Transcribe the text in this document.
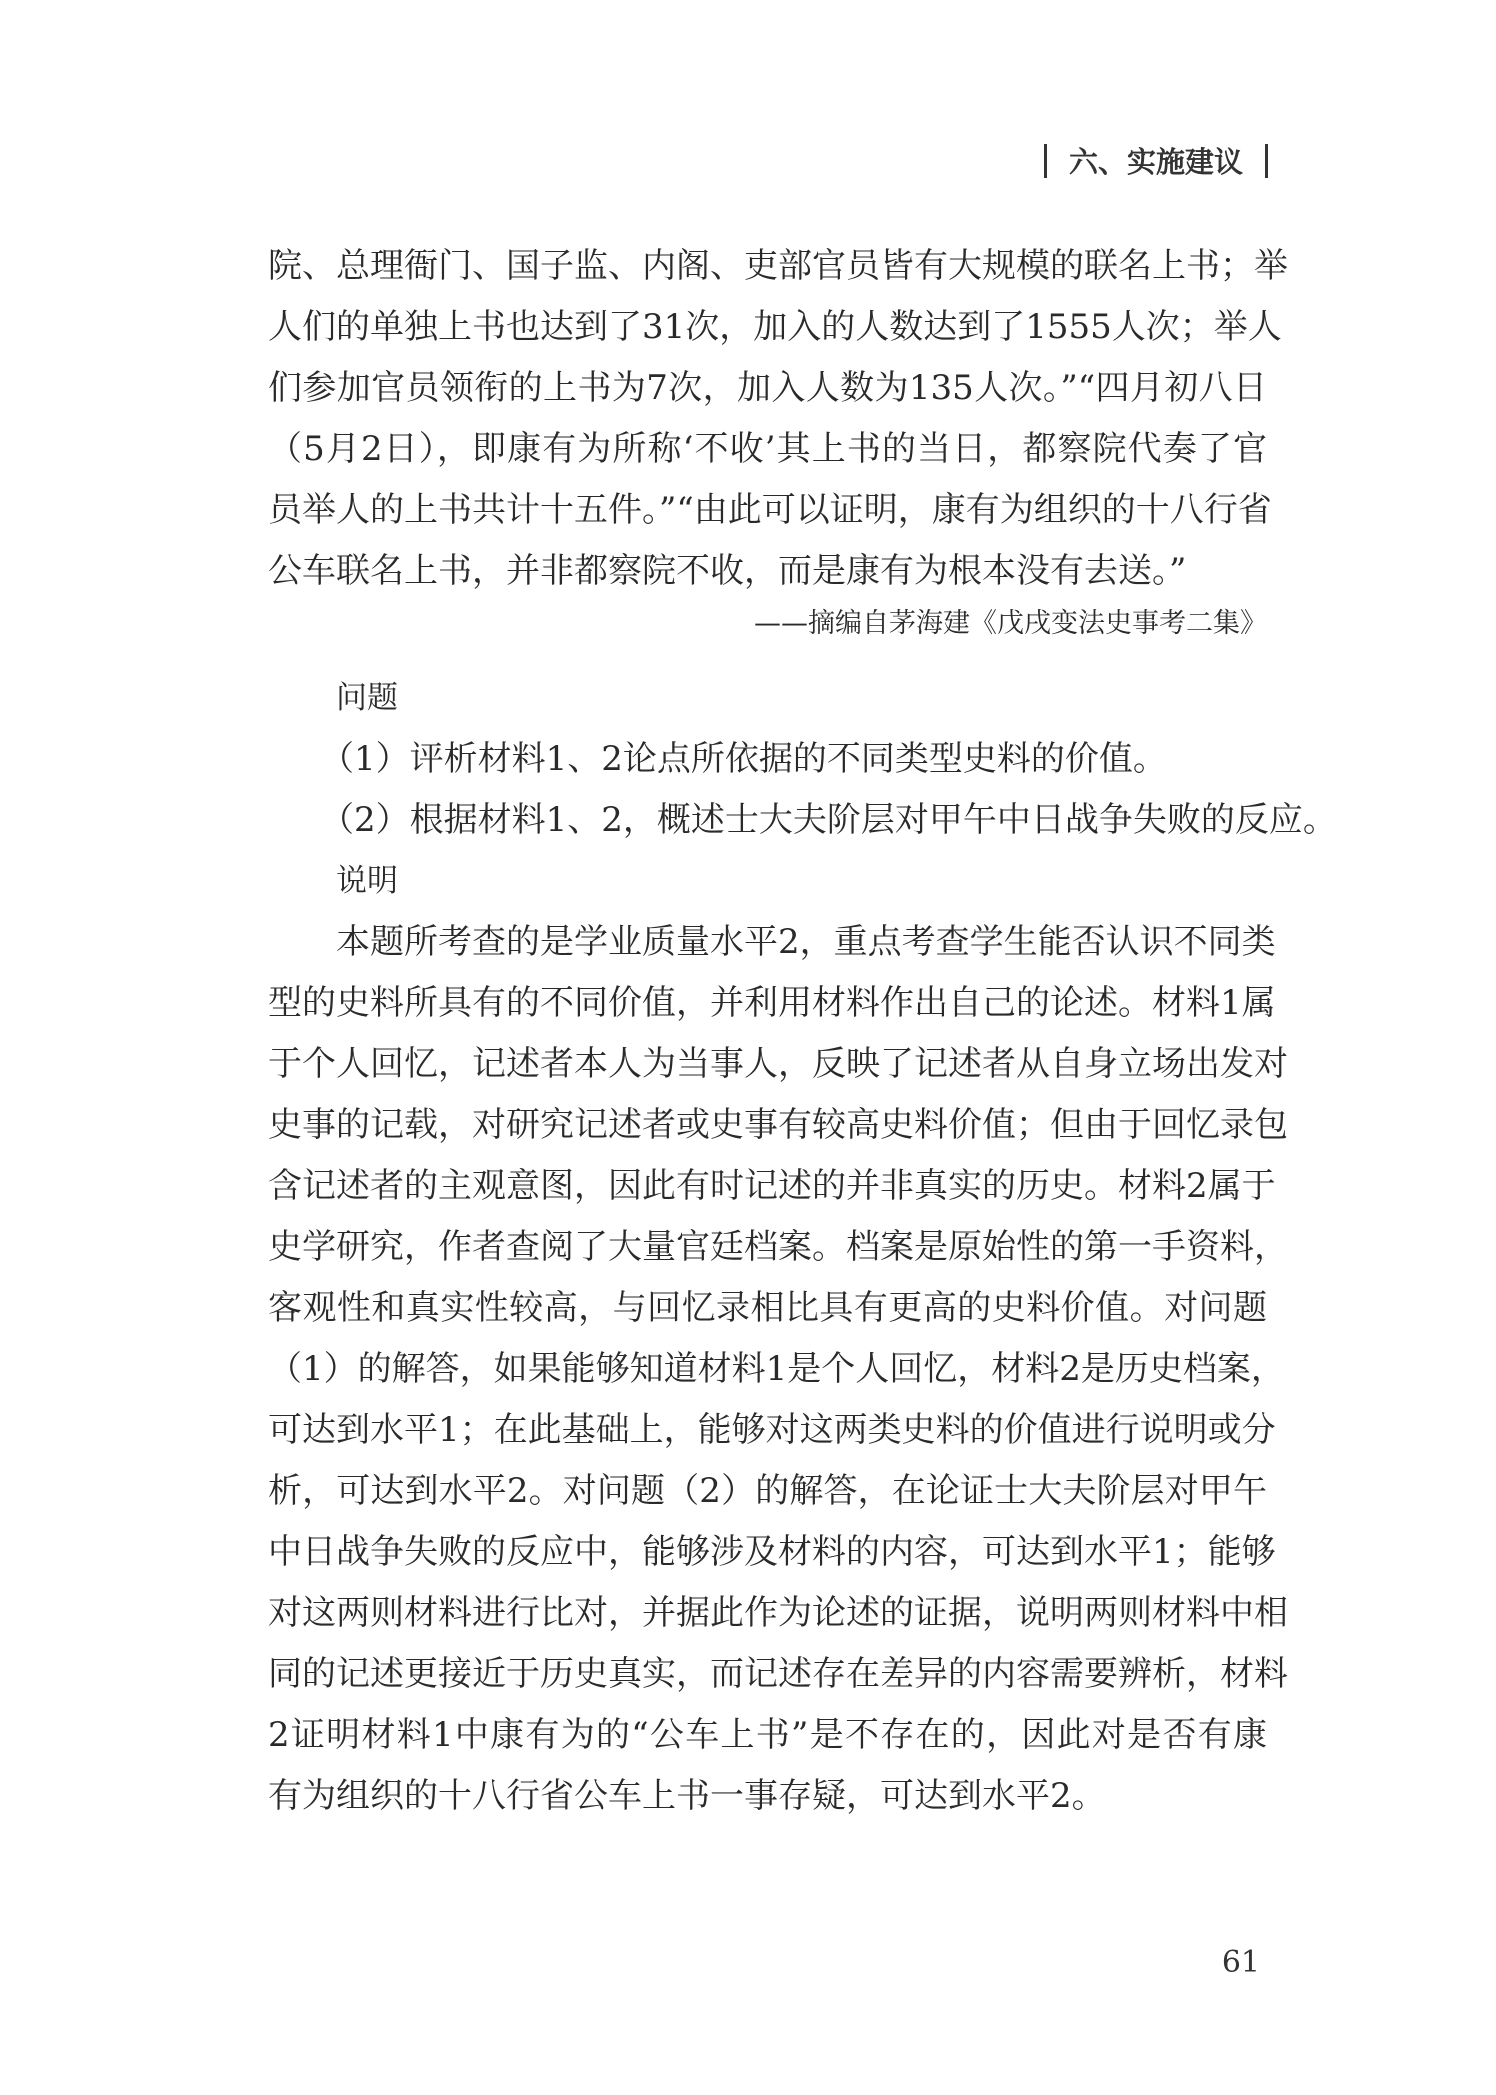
六、实施建议
院、总理衙门、国子监、内阁、吏部官员皆有大规模的联名上书；举
人们的单独上书也达到了31次，加入的人数达到了1555人次；举人
们参加官员领衔的上书为7次，加入人数为135人次。”“四月初八日
（5月2日），即康有为所称‘不收’其上书的当日，都察院代奏了官
员举人的上书共计十五件。”“由此可以证明，康有为组织的十八行省
公车联名上书，并非都察院不收，而是康有为根本没有去送。”
——摘编自茅海建《戊戌变法史事考二集》
问题
（1）评析材料1、2论点所依据的不同类型史料的价值。
（2）根据材料1、2，概述士大夫阶层对甲午中日战争失败的反应。
说明
本题所考查的是学业质量水平2，重点考查学生能否认识不同类
型的史料所具有的不同价值，并利用材料作出自己的论述。材料1属
于个人回忆，记述者本人为当事人，反映了记述者从自身立场出发对
史事的记载，对研究记述者或史事有较高史料价值；但由于回忆录包
含记述者的主观意图，因此有时记述的并非真实的历史。材料2属于
史学研究，作者查阅了大量官廷档案。档案是原始性的第一手资料，
客观性和真实性较高，与回忆录相比具有更高的史料价值。对问题
（1）的解答，如果能够知道材料1是个人回忆，材料2是历史档案，
可达到水平1；在此基础上，能够对这两类史料的价值进行说明或分
析，可达到水平2。对问题（2）的解答，在论证士大夫阶层对甲午
中日战争失败的反应中，能够涉及材料的内容，可达到水平1；能够
对这两则材料进行比对，并据此作为论述的证据，说明两则材料中相
同的记述更接近于历史真实，而记述存在差异的内容需要辨析，材料
2证明材料1中康有为的“公车上书”是不存在的，因此对是否有康
有为组织的十八行省公车上书一事存疑，可达到水平2。
61
